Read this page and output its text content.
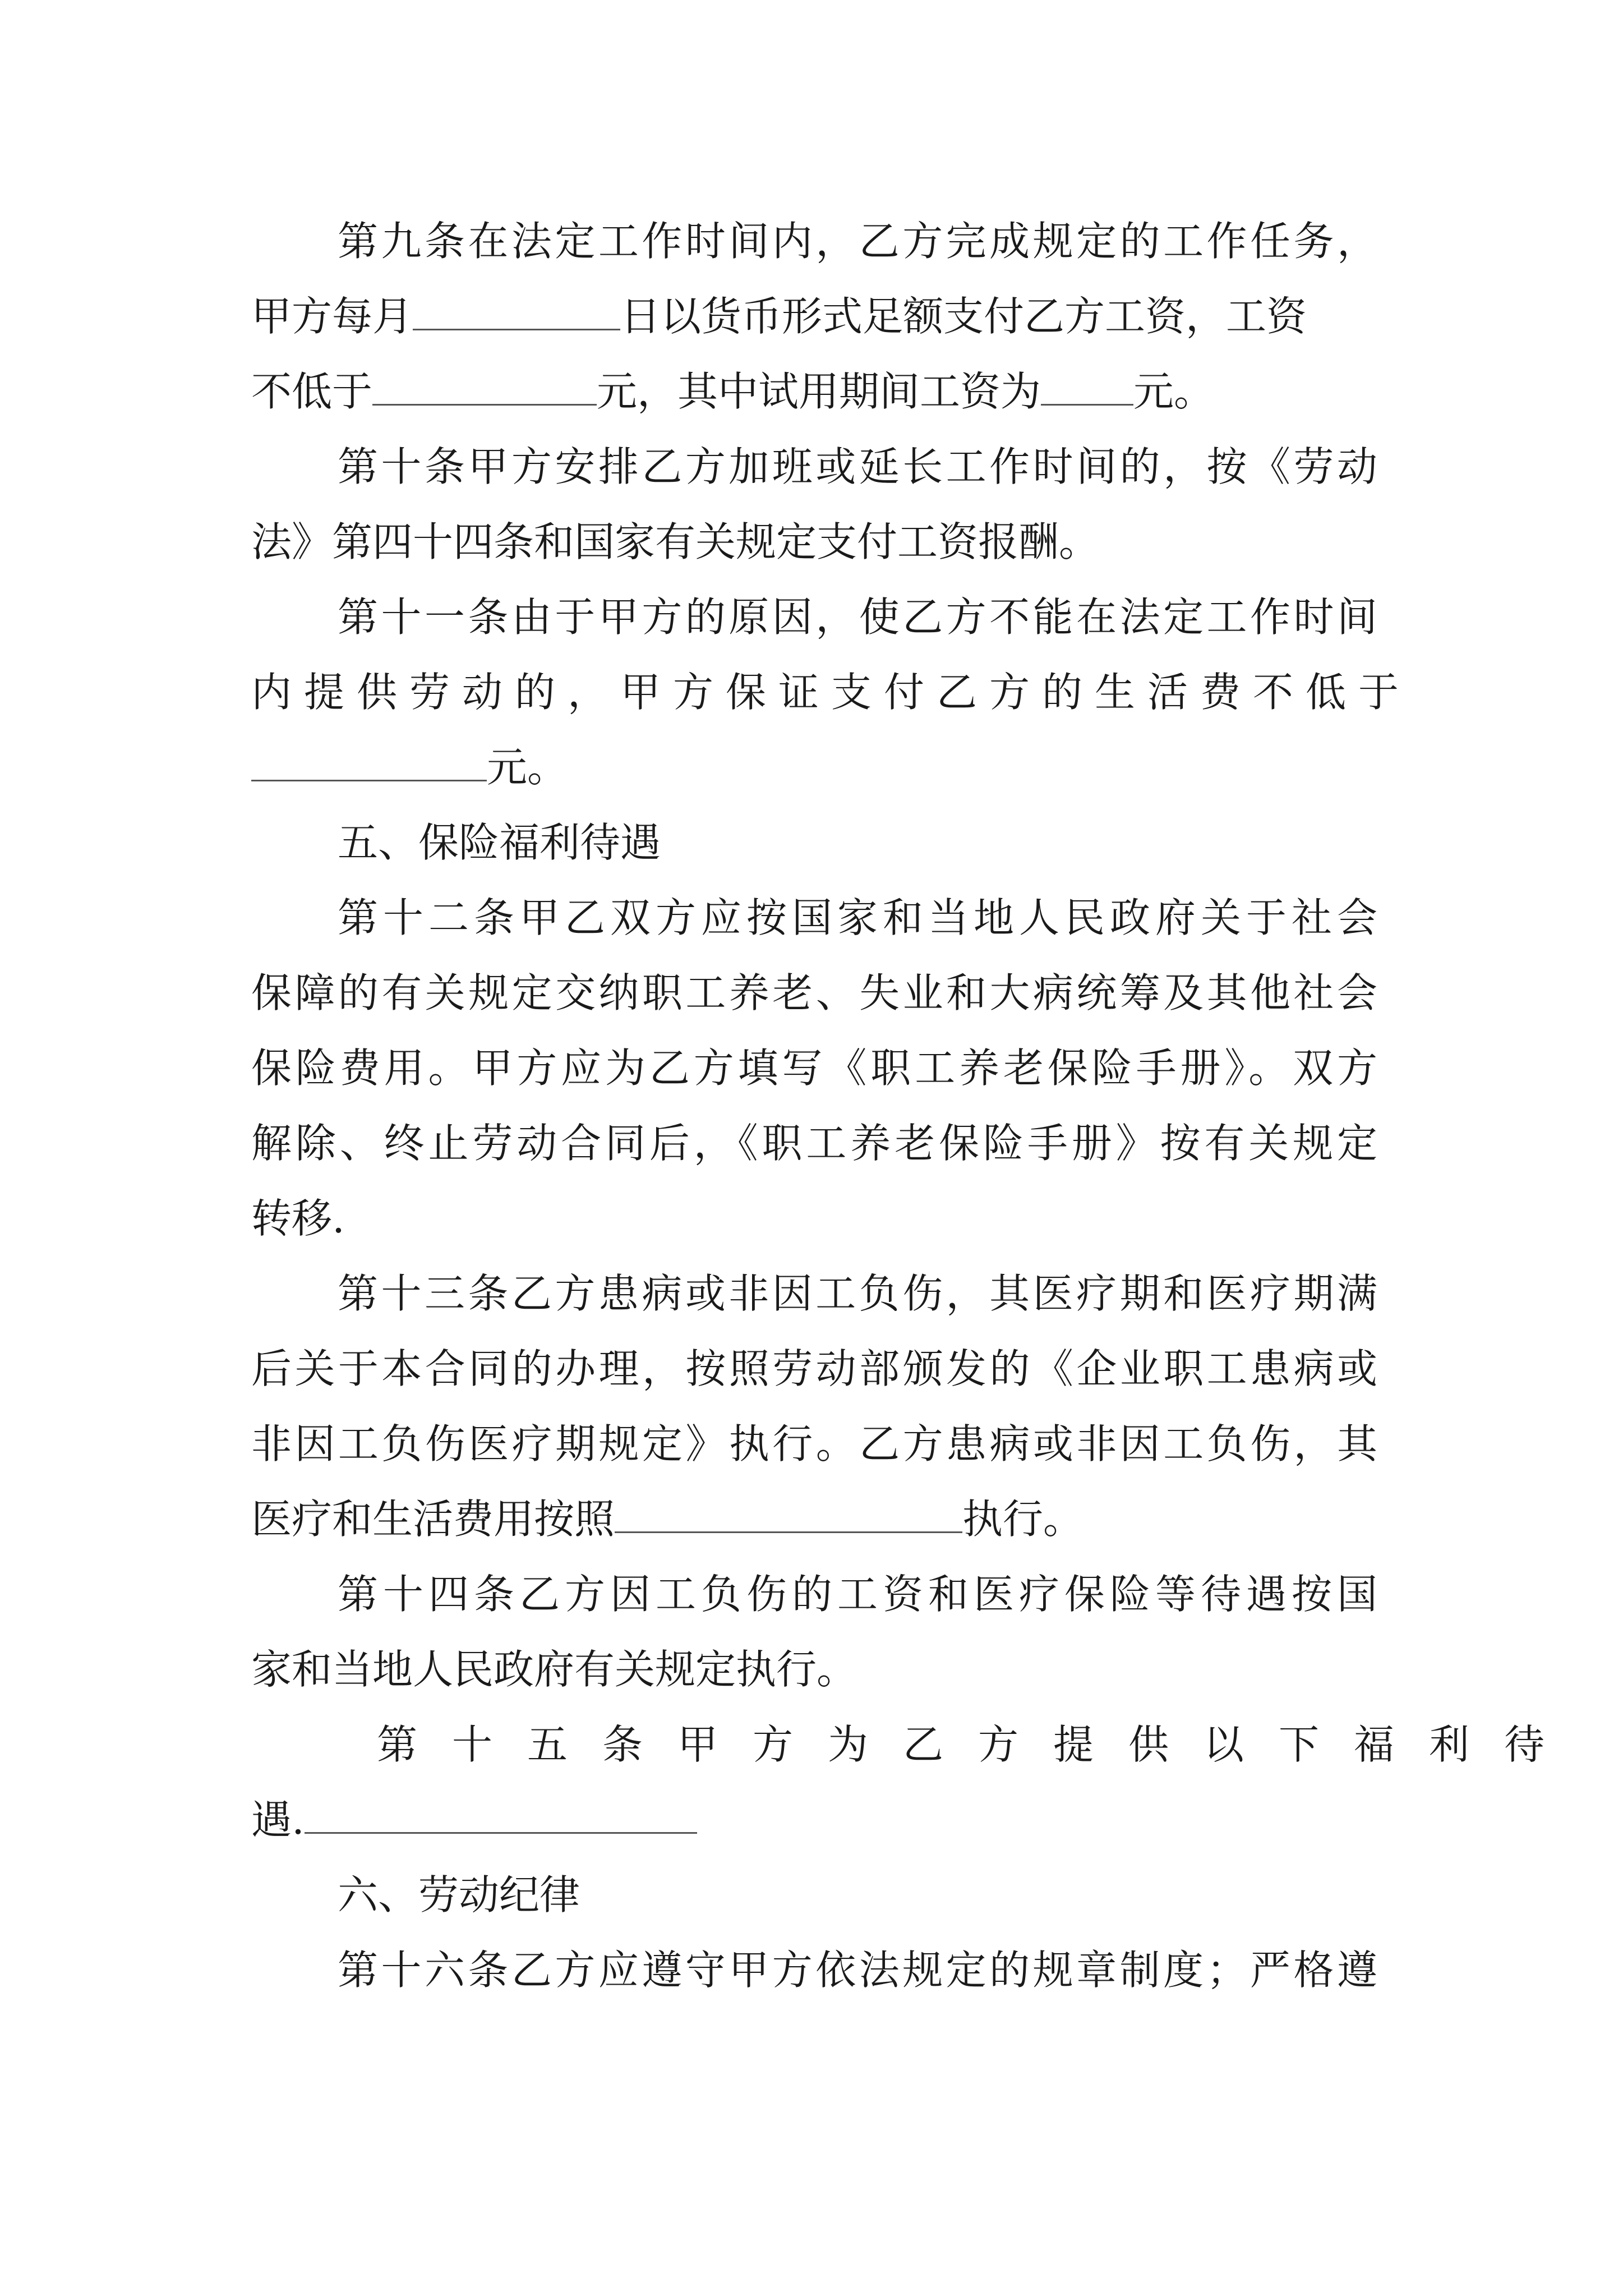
第九条在法定工作时间内，乙方完成规定的工作任务，
甲方每月	日以货币形式足额支付乙方工资，工资
不低于	元，其中试用期间工资为 元。
第十条甲方安排乙方加班或延长工作时间的，按《劳动
法》第四十四条和国家有关规定支付工资报酬。
第十一条由于甲方的原因，使乙方不能在法定工作时间
内提供劳动的，甲方保证支付乙方的生活费不低于
元。
五、保险福利待遇
第十二条甲乙双方应按国家和当地人民政府关于社会
保障的有关规定交纳职工养老、失业和大病统筹及其他社会
保险费用。甲方应为乙方填写《职工养老保险手册》。双方
解除、终止劳动合同后，《职工养老保险手册》按有关规定
转移.
第十三条乙方患病或非因工负伤，其医疗期和医疗期满
后关于本合同的办理，按照劳动部颁发的《企业职工患病或
非因工负伤医疗期规定》执行。乙方患病或非因工负伤，其
医疗和生活费用按照	执行。
第十四条乙方因工负伤的工资和医疗保险等待遇按国
家和当地人民政府有关规定执行。
第十五条甲方为乙方提供以下福利待
遇.
六、劳动纪律
第十六条乙方应遵守甲方依法规定的规章制度；严格遵
